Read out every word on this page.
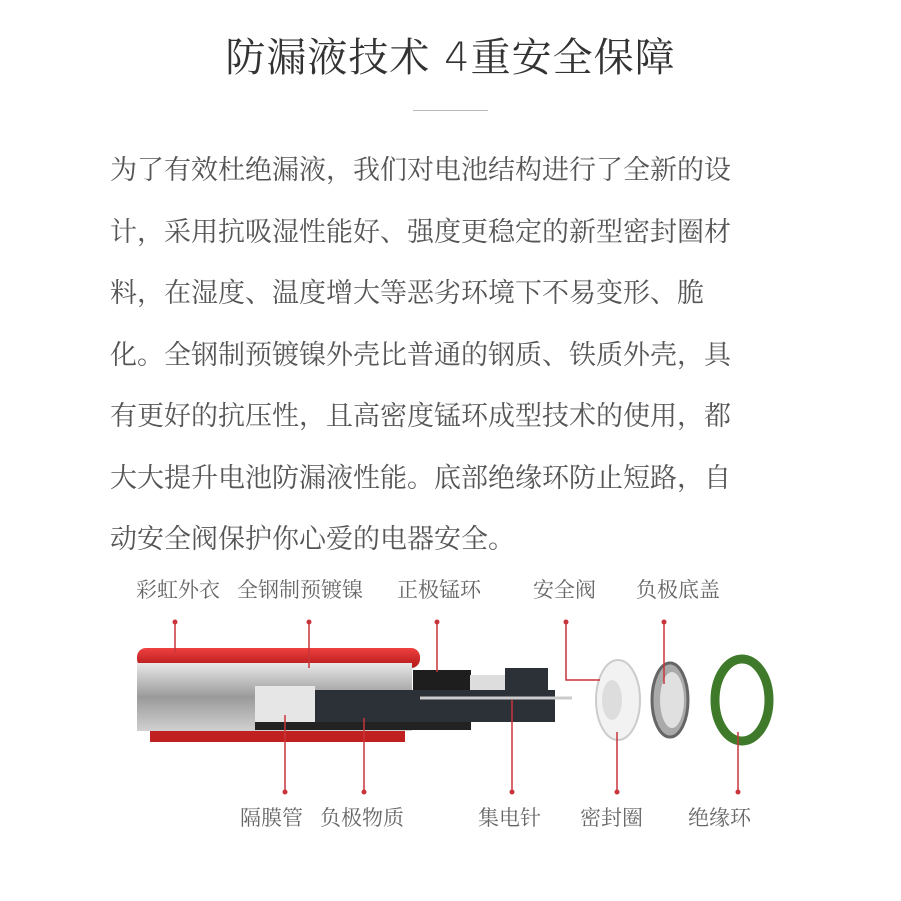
防漏液技术 4重安全保障
为了有效杜绝漏液，我们对电池结构进行了全新的设
计，采用抗吸湿性能好、强度更稳定的新型密封圈材
料，在湿度、温度增大等恶劣环境下不易变形、脆
化。全钢制预镀镍外壳比普通的钢质、铁质外壳，具
有更好的抗压性，且高密度锰环成型技术的使用，都
大大提升电池防漏液性能。底部绝缘环防止短路，自
动安全阀保护你心爱的电器安全。
彩虹外衣 全钢制预镀镍 正极锰环 安全阀 负极底盖
隔膜管 负极物质	集电针 密封圈 绝缘环
